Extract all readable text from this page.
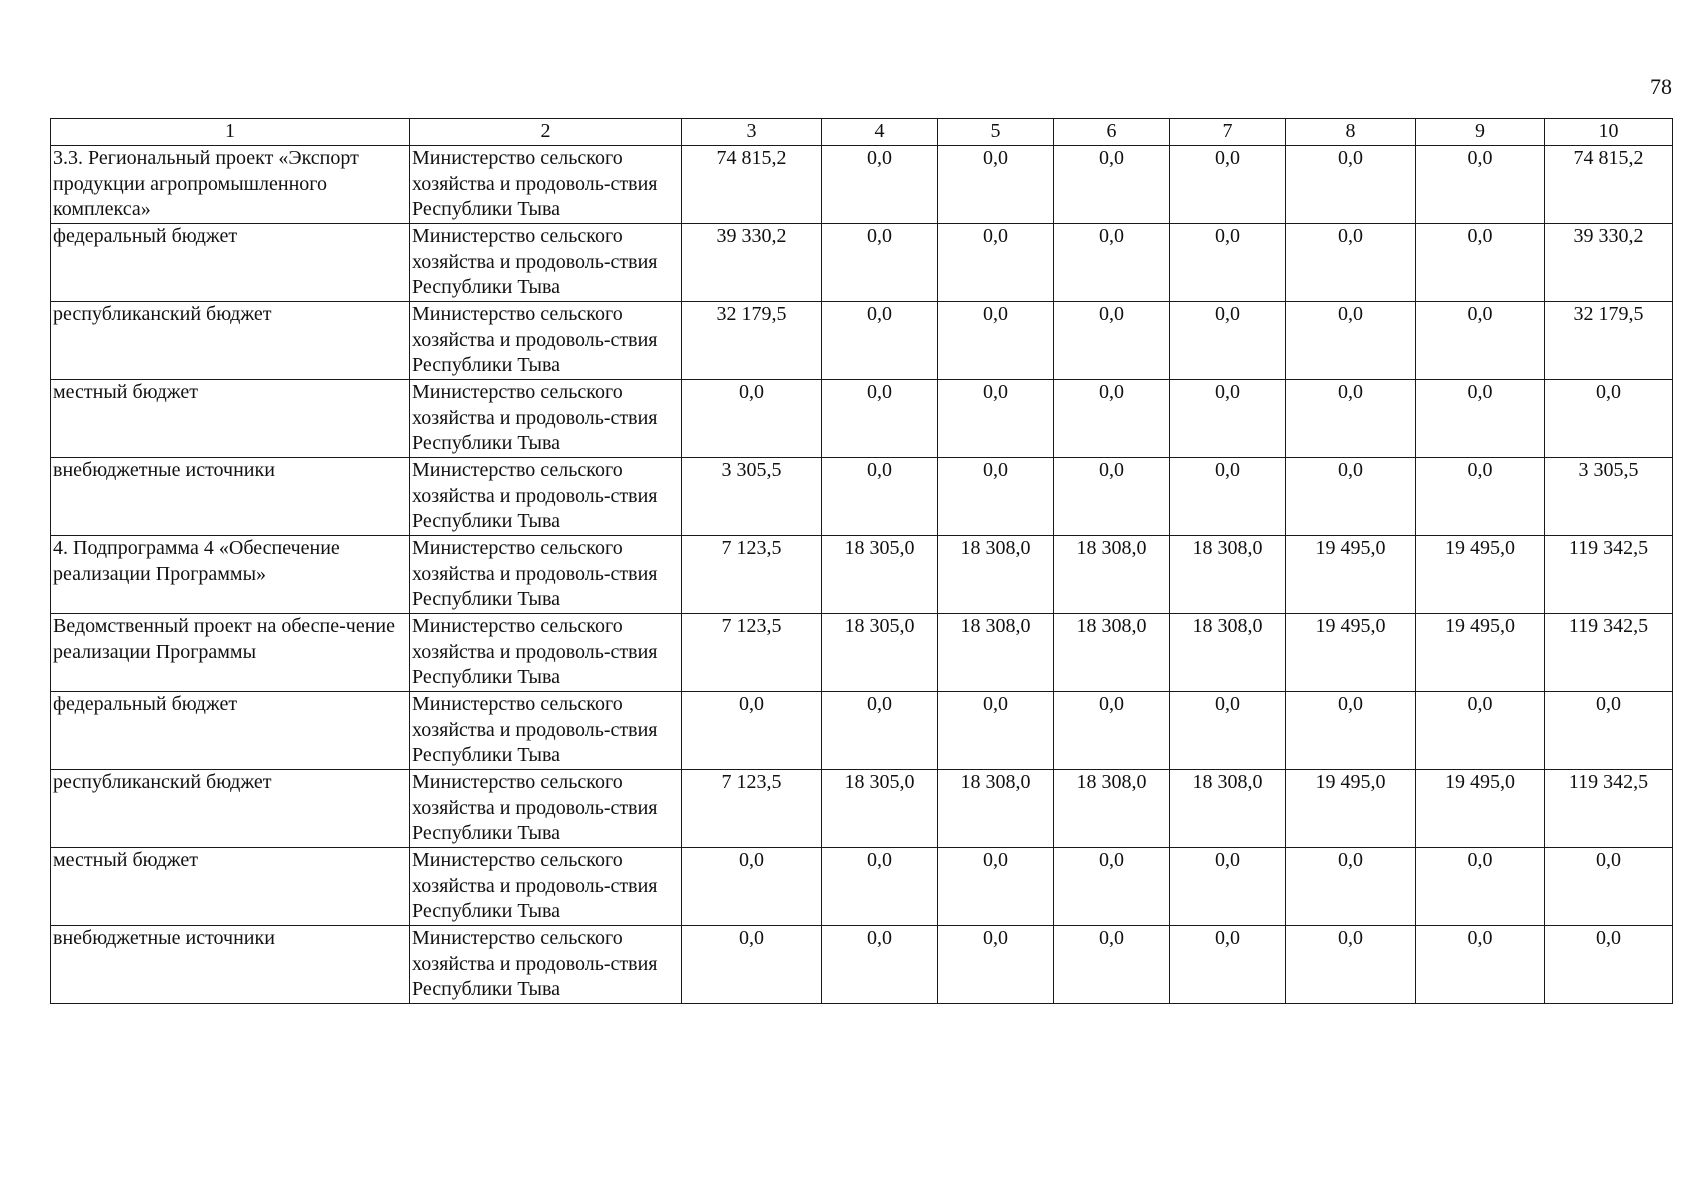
78
1	2	3	4	5	6	7	8	9	10
3.3. Региональный проект «Экспорт продукции агропромышленного комплекса»	Министерство сельского хозяйства и продоволь-ствия Республики Тыва	74 815,2	0,0	0,0	0,0	0,0	0,0	0,0	74 815,2
федеральный бюджет	Министерство сельского хозяйства и продоволь-ствия Республики Тыва	39 330,2	0,0	0,0	0,0	0,0	0,0	0,0	39 330,2
республиканский бюджет	Министерство сельского хозяйства и продоволь-ствия Республики Тыва	32 179,5	0,0	0,0	0,0	0,0	0,0	0,0	32 179,5
местный бюджет	Министерство сельского хозяйства и продоволь-ствия Республики Тыва	0,0	0,0	0,0	0,0	0,0	0,0	0,0	0,0
внебюджетные источники	Министерство сельского хозяйства и продоволь-ствия Республики Тыва	3 305,5	0,0	0,0	0,0	0,0	0,0	0,0	3 305,5
4. Подпрограмма 4 «Обеспечение реализации Программы»	Министерство сельского хозяйства и продоволь-ствия Республики Тыва	7 123,5	18 305,0	18 308,0	18 308,0	18 308,0	19 495,0	19 495,0	119 342,5
Ведомственный проект на обеспе-чение реализации Программы	Министерство сельского хозяйства и продоволь-ствия Республики Тыва	7 123,5	18 305,0	18 308,0	18 308,0	18 308,0	19 495,0	19 495,0	119 342,5
федеральный бюджет	Министерство сельского хозяйства и продоволь-ствия Республики Тыва	0,0	0,0	0,0	0,0	0,0	0,0	0,0	0,0
республиканский бюджет	Министерство сельского хозяйства и продоволь-ствия Республики Тыва	7 123,5	18 305,0	18 308,0	18 308,0	18 308,0	19 495,0	19 495,0	119 342,5
местный бюджет	Министерство сельского хозяйства и продоволь-ствия Республики Тыва	0,0	0,0	0,0	0,0	0,0	0,0	0,0	0,0
внебюджетные источники	Министерство сельского хозяйства и продоволь-ствия Республики Тыва	0,0	0,0	0,0	0,0	0,0	0,0	0,0	0,0
